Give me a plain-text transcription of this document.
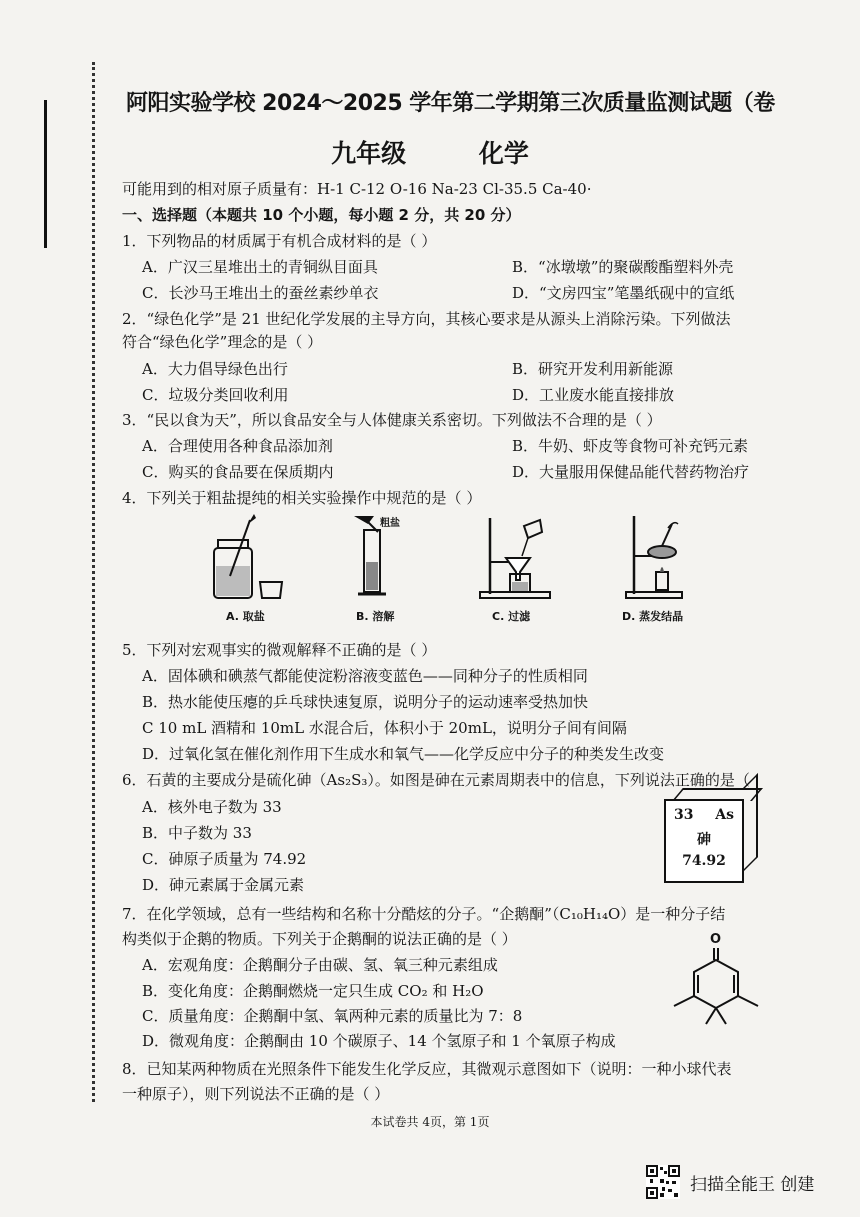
阿阳实验学校 2024～2025 学年第二学期第三次质量监测试题（卷
九年级	化学
可能用到的相对原子质量有：H-1 C-12 O-16 Na-23 Cl-35.5 Ca-40·
一、选择题（本题共 10 个小题，每小题 2 分，共 20 分）
1．下列物品的材质属于有机合成材料的是（ ）
A．广汉三星堆出土的青铜纵目面具	B．“冰墩墩”的聚碳酸酯塑料外壳
C．长沙马王堆出土的蚕丝素纱单衣	D．“文房四宝”笔墨纸砚中的宣纸
2．“绿色化学”是 21 世纪化学发展的主导方向，其核心要求是从源头上消除污染。下列做法
符合“绿色化学”理念的是（ ）
A．大力倡导绿色出行	B．研究开发利用新能源
C．垃圾分类回收利用	D．工业废水能直接排放
3．“民以食为天”，所以食品安全与人体健康关系密切。下列做法不合理的是（ ）
A．合理使用各种食品添加剂	B．牛奶、虾皮等食物可补充钙元素
C．购买的食品要在保质期内	D．大量服用保健品能代替药物治疗
4．下列关于粗盐提纯的相关实验操作中规范的是（ ）
A. 取盐
粗盐
B. 溶解	C. 过滤	D. 蒸发结晶
5．下列对宏观事实的微观解释不正确的是（ ）
A．固体碘和碘蒸气都能使淀粉溶液变蓝色——同种分子的性质相同
B．热水能使压瘪的乒乓球快速复原，说明分子的运动速率受热加快
C 10 mL 酒精和 10mL 水混合后，体积小于 20mL，说明分子间有间隔
D．过氧化氢在催化剂作用下生成水和氧气——化学反应中分子的种类发生改变
6．石黄的主要成分是硫化砷（As₂S₃）。如图是砷在元素周期表中的信息，下列说法正确的是（
A．核外电子数为 33
B．中子数为 33
C．砷原子质量为 74.92
D．砷元素属于金属元素
33 As
砷
74.92
7．在化学领域，总有一些结构和名称十分酷炫的分子。“企鹅酮”（C₁₀H₁₄O）是一种分子结
构类似于企鹅的物质。下列关于企鹅酮的说法正确的是（ ）
A．宏观角度：企鹅酮分子由碳、氢、氧三种元素组成
B．变化角度：企鹅酮燃烧一定只生成 CO₂ 和 H₂O
C．质量角度：企鹅酮中氢、氧两种元素的质量比为 7：8
D．微观角度：企鹅酮由 10 个碳原子、14 个氢原子和 1 个氧原子构成
O
8．已知某两种物质在光照条件下能发生化学反应，其微观示意图如下（说明：一种小球代表
一种原子），则下列说法不正确的是（ ）
本试卷共 4页，第 1页
扫描全能王 创建
